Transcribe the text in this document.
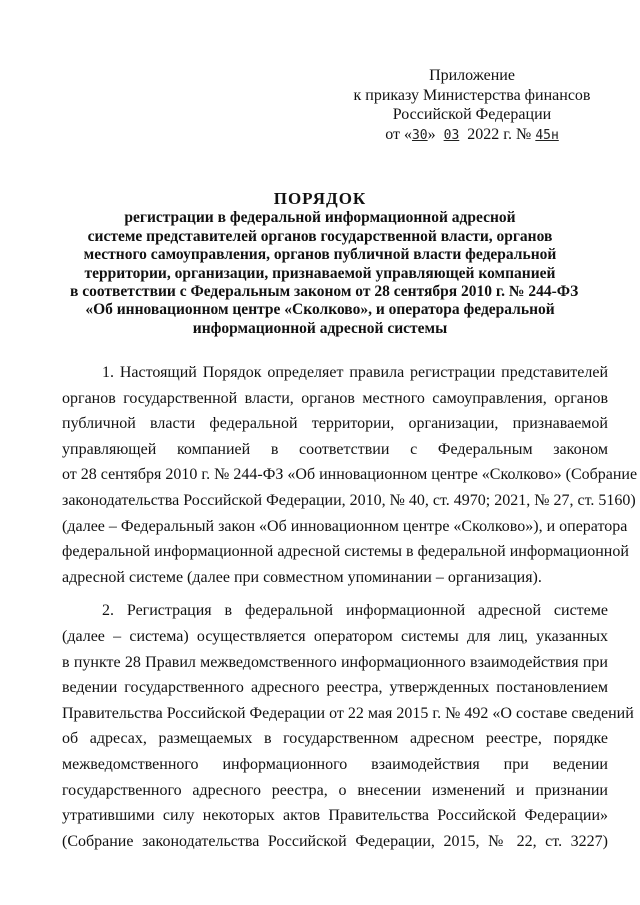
Приложение
к приказу Министерства финансов
Российской Федерации
от «30» 03 2022 г. № 45н
ПОРЯДОК
регистрации в федеральной информационной адресной
системе представителей органов государственной власти, органов
местного самоуправления, органов публичной власти федеральной
территории, организации, признаваемой управляющей компанией
в соответствии с Федеральным законом от 28 сентября 2010 г. № 244-ФЗ
«Об инновационном центре «Сколково», и оператора федеральной
информационной адресной системы
1. Настоящий Порядок определяет правила регистрации представителей
органов государственной власти, органов местного самоуправления, органов
публичной власти федеральной территории, организации, признаваемой
управляющей компанией в соответствии с Федеральным законом
от 28 сентября 2010 г. № 244-ФЗ «Об инновационном центре «Сколково» (Собрание
законодательства Российской Федерации, 2010, № 40, ст. 4970; 2021, № 27, ст. 5160)
(далее – Федеральный закон «Об инновационном центре «Сколково»), и оператора
федеральной информационной адресной системы в федеральной информационной
адресной системе (далее при совместном упоминании – организация).
2. Регистрация в федеральной информационной адресной системе
(далее – система) осуществляется оператором системы для лиц, указанных
в пункте 28 Правил межведомственного информационного взаимодействия при
ведении государственного адресного реестра, утвержденных постановлением
Правительства Российской Федерации от 22 мая 2015 г. № 492 «О составе сведений
об адресах, размещаемых в государственном адресном реестре, порядке
межведомственного информационного взаимодействия при ведении
государственного адресного реестра, о внесении изменений и признании
утратившими силу некоторых актов Правительства Российской Федерации»
(Собрание законодательства Российской Федерации, 2015, № 22, ст. 3227)
